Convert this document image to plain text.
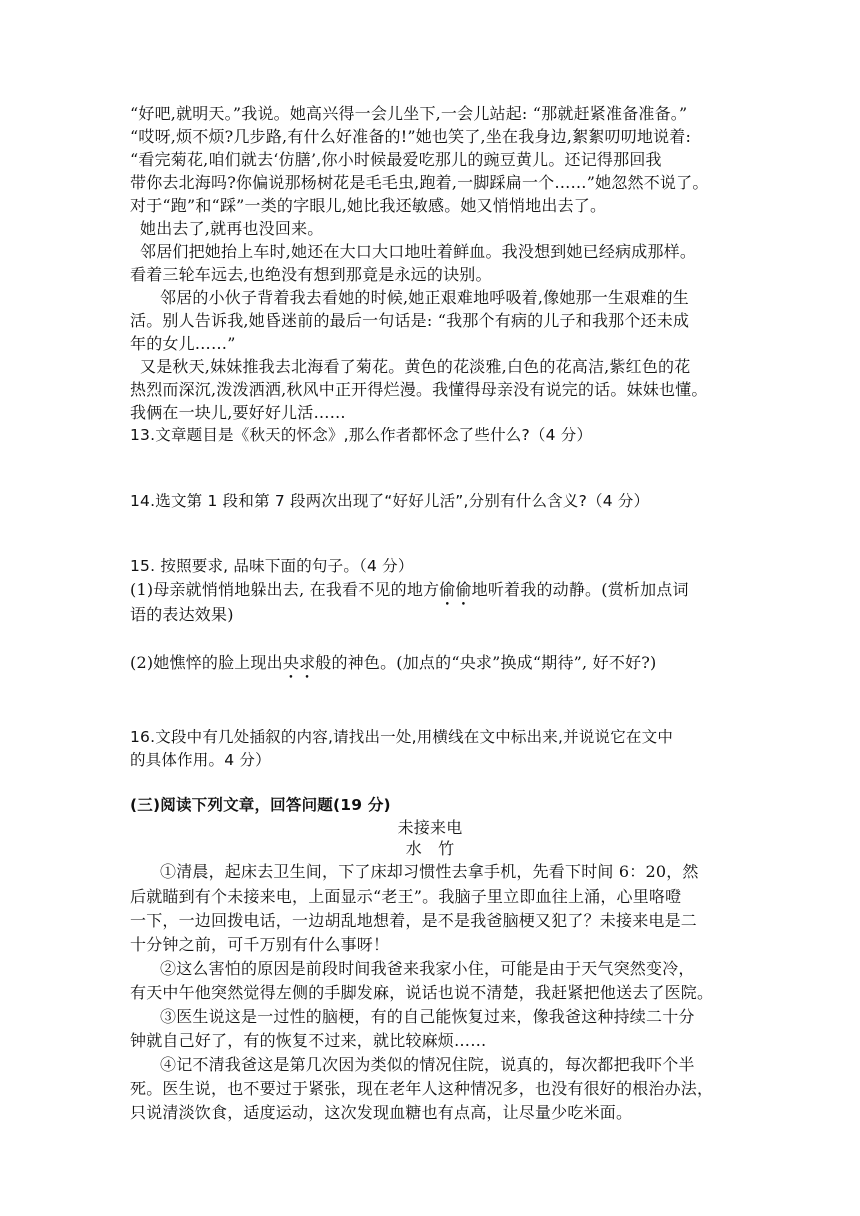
“好吧,就明天。”我说。她高兴得一会儿坐下,一会儿站起: “那就赶紧准备准备。”
“哎呀,烦不烦?几步路,有什么好准备的!”她也笑了,坐在我身边,絮絮叨叨地说着:
“看完菊花,咱们就去‘仿膳’,你小时候最爱吃那儿的豌豆黄儿。还记得那回我
带你去北海吗?你偏说那杨树花是毛毛虫,跑着,一脚踩扁一个……”她忽然不说了。
对于“跑”和“踩”一类的字眼儿,她比我还敏感。她又悄悄地出去了。
她出去了,就再也没回来。
邻居们把她抬上车时,她还在大口大口地吐着鲜血。我没想到她已经病成那样。
看着三轮车远去,也绝没有想到那竟是永远的诀别。
邻居的小伙子背着我去看她的时候,她正艰难地呼吸着,像她那一生艰难的生
活。别人告诉我,她昏迷前的最后一句话是: “我那个有病的儿子和我那个还未成
年的女儿……”
又是秋天,妹妹推我去北海看了菊花。黄色的花淡雅,白色的花高洁,紫红色的花
热烈而深沉,泼泼洒洒,秋风中正开得烂漫。我懂得母亲没有说完的话。妹妹也懂。
我俩在一块儿,要好好儿活……
13.文章题目是《秋天的怀念》,那么作者都怀念了些什么?（4 分）
14.选文第 1 段和第 7 段两次出现了“好好儿活”,分别有什么含义?（4 分）
15. 按照要求, 品味下面的句子。（4 分）
(1)母亲就悄悄地躲出去, 在我看不见的地方偷偷地听着我的动静。(赏析加点词
语的表达效果)
(2)她憔悴的脸上现出央求般的神色。(加点的“央求”换成“期待”, 好不好?)
16.文段中有几处插叙的内容,请找出一处,用横线在文中标出来,并说说它在文中
的具体作用。4 分）
(三)阅读下列文章，回答问题(19 分)
未接来电
水　竹
①清晨，起床去卫生间，下了床却习惯性去拿手机，先看下时间 6：20，然
后就瞄到有个未接来电，上面显示“老王”。我脑子里立即血往上涌，心里咯噔
一下，一边回拨电话，一边胡乱地想着，是不是我爸脑梗又犯了？未接来电是二
十分钟之前，可千万别有什么事呀！
②这么害怕的原因是前段时间我爸来我家小住，可能是由于天气突然变冷，
有天中午他突然觉得左侧的手脚发麻，说话也说不清楚，我赶紧把他送去了医院。
③医生说这是一过性的脑梗，有的自己能恢复过来，像我爸这种持续二十分
钟就自己好了，有的恢复不过来，就比较麻烦……
④记不清我爸这是第几次因为类似的情况住院，说真的，每次都把我吓个半
死。医生说，也不要过于紧张，现在老年人这种情况多，也没有很好的根治办法，
只说清淡饮食，适度运动，这次发现血糖也有点高，让尽量少吃米面。
